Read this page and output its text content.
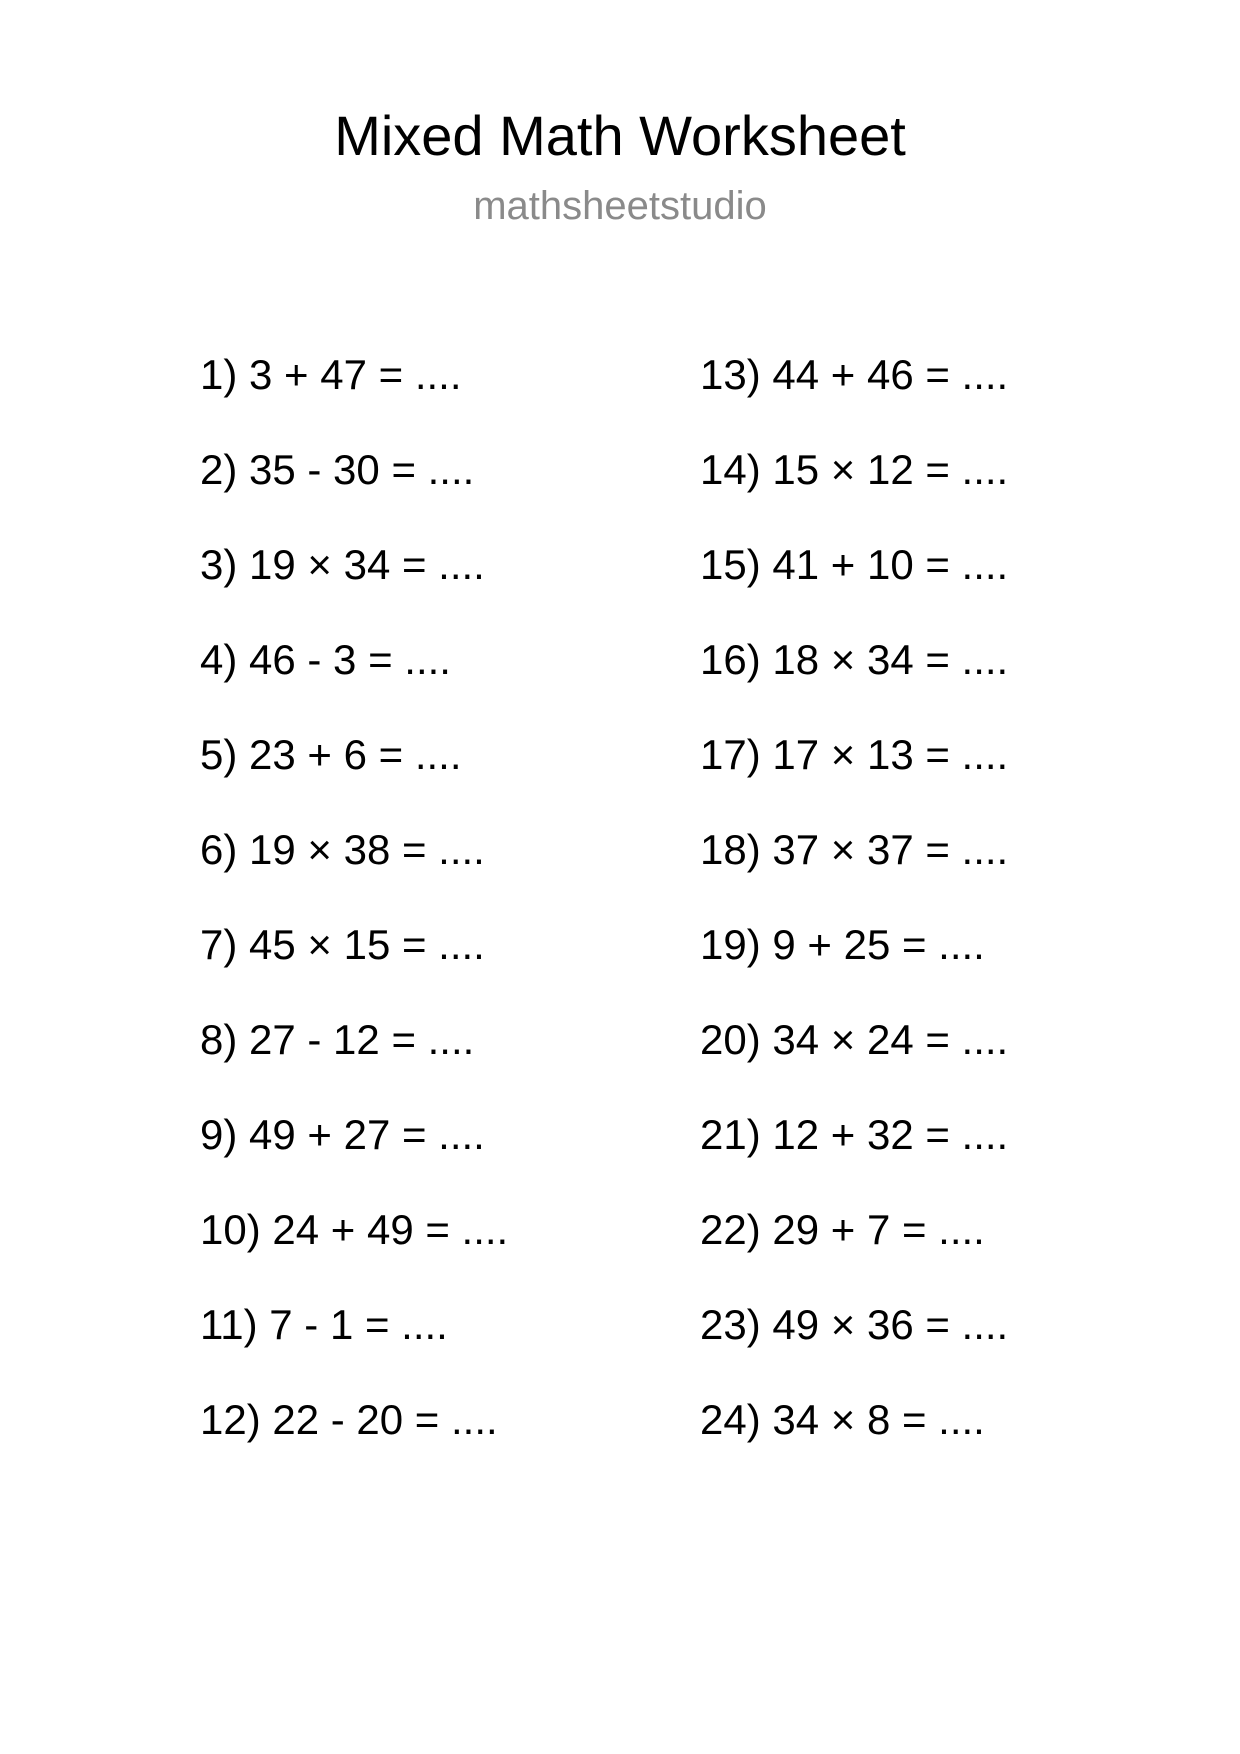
Mixed Math Worksheet
mathsheetstudio
1) 3 + 47 = ....
2) 35 - 30 = ....
3) 19 × 34 = ....
4) 46 - 3 = ....
5) 23 + 6 = ....
6) 19 × 38 = ....
7) 45 × 15 = ....
8) 27 - 12 = ....
9) 49 + 27 = ....
10) 24 + 49 = ....
11) 7 - 1 = ....
12) 22 - 20 = ....
13) 44 + 46 = ....
14) 15 × 12 = ....
15) 41 + 10 = ....
16) 18 × 34 = ....
17) 17 × 13 = ....
18) 37 × 37 = ....
19) 9 + 25 = ....
20) 34 × 24 = ....
21) 12 + 32 = ....
22) 29 + 7 = ....
23) 49 × 36 = ....
24) 34 × 8 = ....
